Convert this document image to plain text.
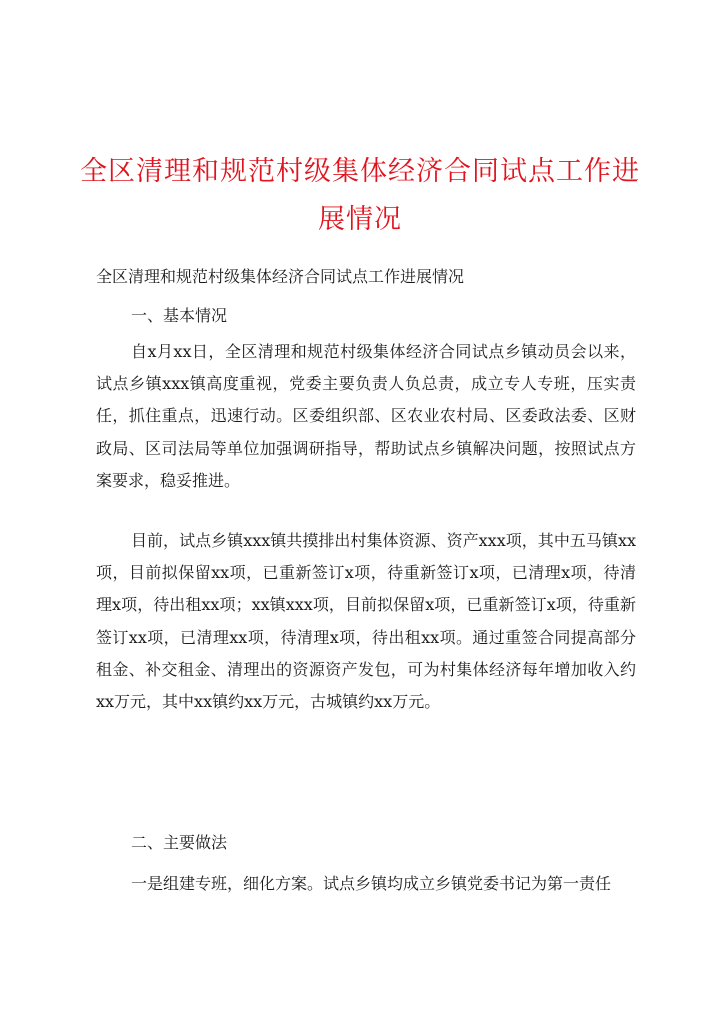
全区清理和规范村级集体经济合同试点工作进展情况

全区清理和规范村级集体经济合同试点工作进展情况

一、基本情况

自x月xx日，全区清理和规范村级集体经济合同试点乡镇动员会以来，试点乡镇xxx镇高度重视，党委主要负责人负总责，成立专人专班，压实责任，抓住重点，迅速行动。区委组织部、区农业农村局、区委政法委、区财政局、区司法局等单位加强调研指导，帮助试点乡镇解决问题，按照试点方案要求，稳妥推进。

目前，试点乡镇xxx镇共摸排出村集体资源、资产xxx项，其中五马镇xx项，目前拟保留xx项，已重新签订x项，待重新签订x项，已清理x项，待清理x项，待出租xx项；xx镇xxx项，目前拟保留x项，已重新签订x项，待重新签订xx项，已清理xx项，待清理x项，待出租xx项。通过重签合同提高部分租金、补交租金、清理出的资源资产发包，可为村集体经济每年增加收入约xx万元，其中xx镇约xx万元，古城镇约xx万元。

二、主要做法

一是组建专班，细化方案。试点乡镇均成立乡镇党委书记为第一责任
